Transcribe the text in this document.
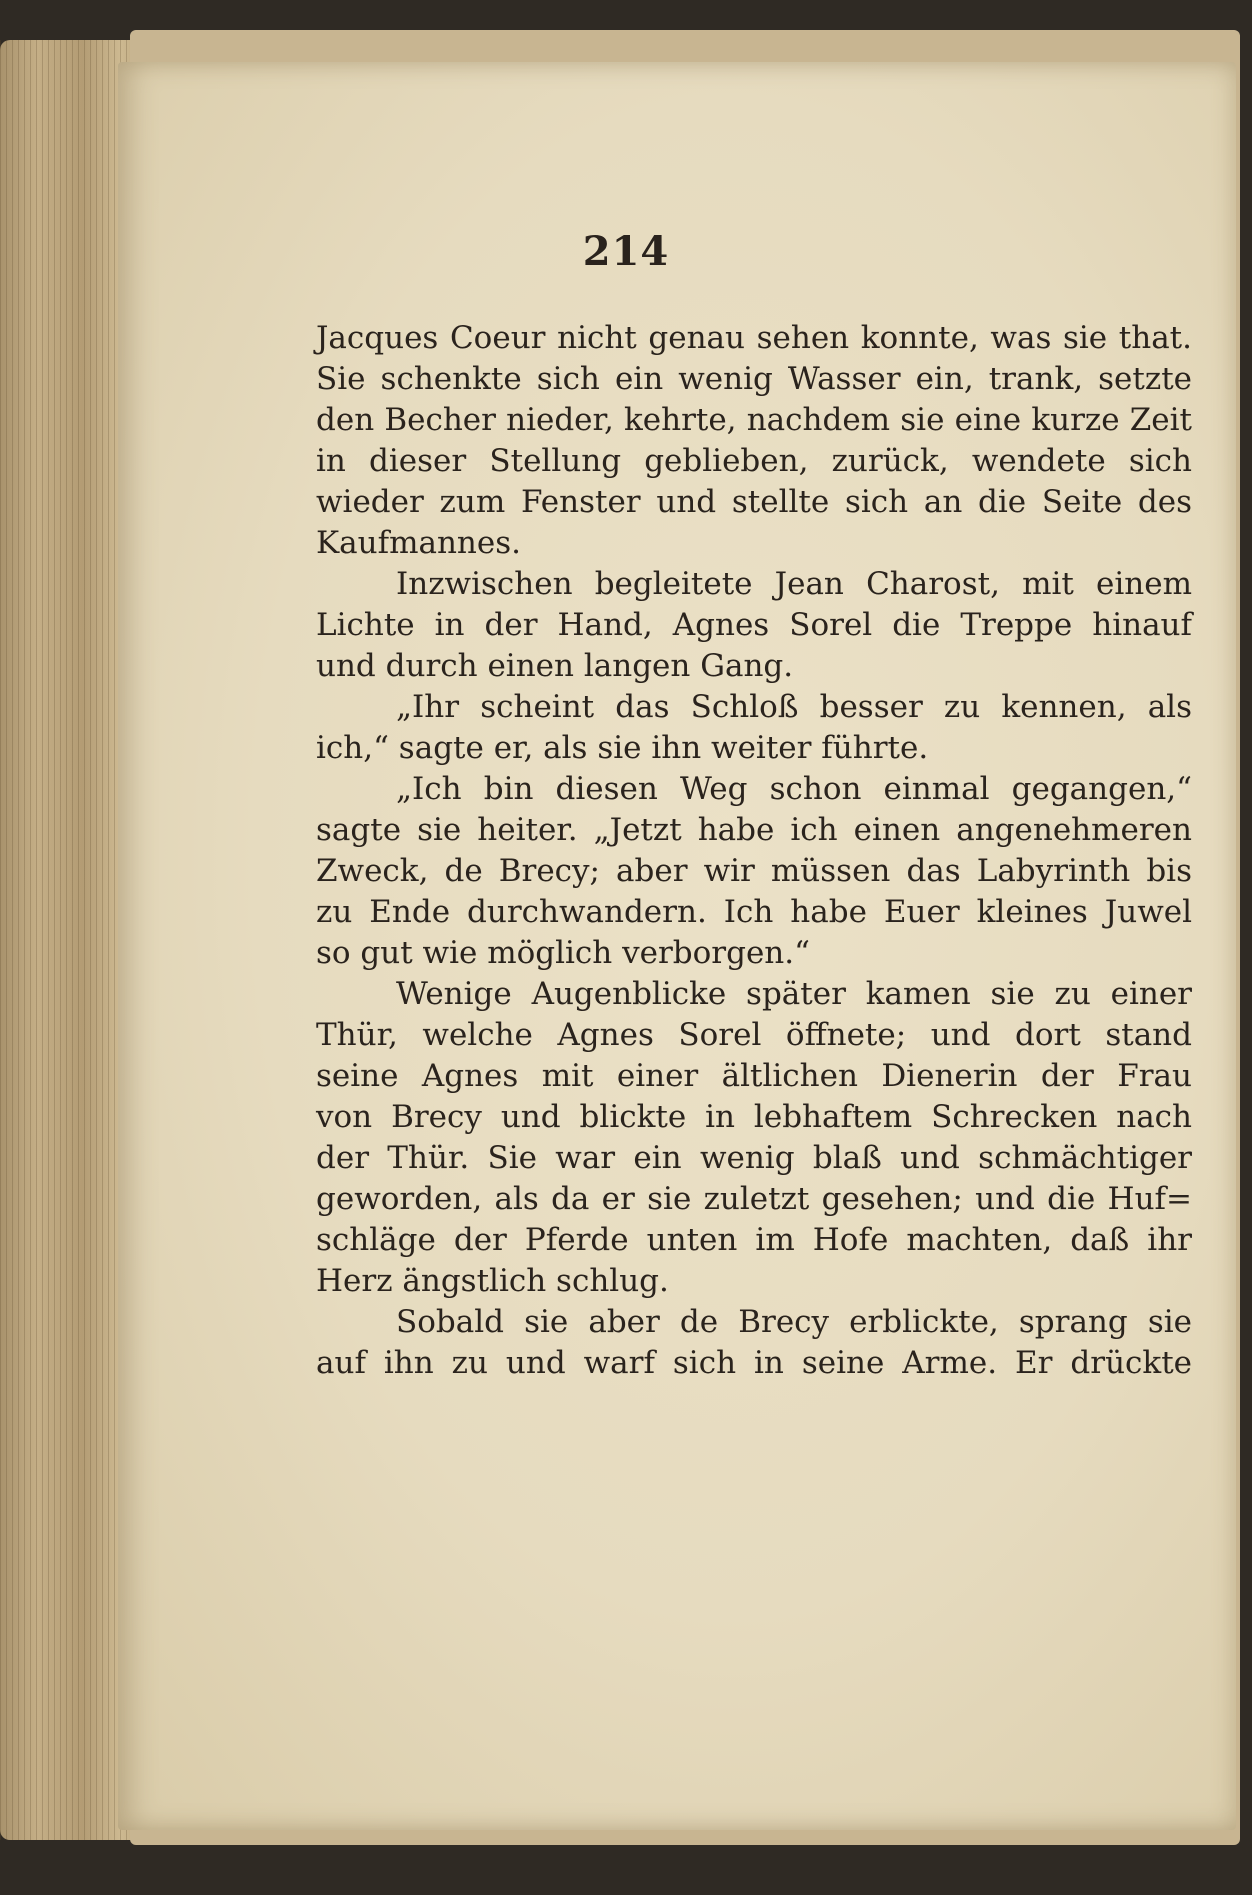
214
Jacques Coeur nicht genau sehen konnte, was sie that.
Sie schenkte sich ein wenig Wasser ein, trank, setzte
den Becher nieder, kehrte, nachdem sie eine kurze Zeit
in dieser Stellung geblieben, zurück, wendete sich
wieder zum Fenster und stellte sich an die Seite des
Kaufmannes.
Inzwischen begleitete Jean Charost, mit einem
Lichte in der Hand, Agnes Sorel die Treppe hinauf
und durch einen langen Gang.
„Ihr scheint das Schloß besser zu kennen, als
ich,“ sagte er, als sie ihn weiter führte.
„Ich bin diesen Weg schon einmal gegangen,“
sagte sie heiter. „Jetzt habe ich einen angenehmeren
Zweck, de Brecy; aber wir müssen das Labyrinth bis
zu Ende durchwandern. Ich habe Euer kleines Juwel
so gut wie möglich verborgen.“
Wenige Augenblicke später kamen sie zu einer
Thür, welche Agnes Sorel öffnete; und dort stand
seine Agnes mit einer ältlichen Dienerin der Frau
von Brecy und blickte in lebhaftem Schrecken nach
der Thür. Sie war ein wenig blaß und schmächtiger
geworden, als da er sie zuletzt gesehen; und die Huf=
schläge der Pferde unten im Hofe machten, daß ihr
Herz ängstlich schlug.
Sobald sie aber de Brecy erblickte, sprang sie
auf ihn zu und warf sich in seine Arme. Er drückte
